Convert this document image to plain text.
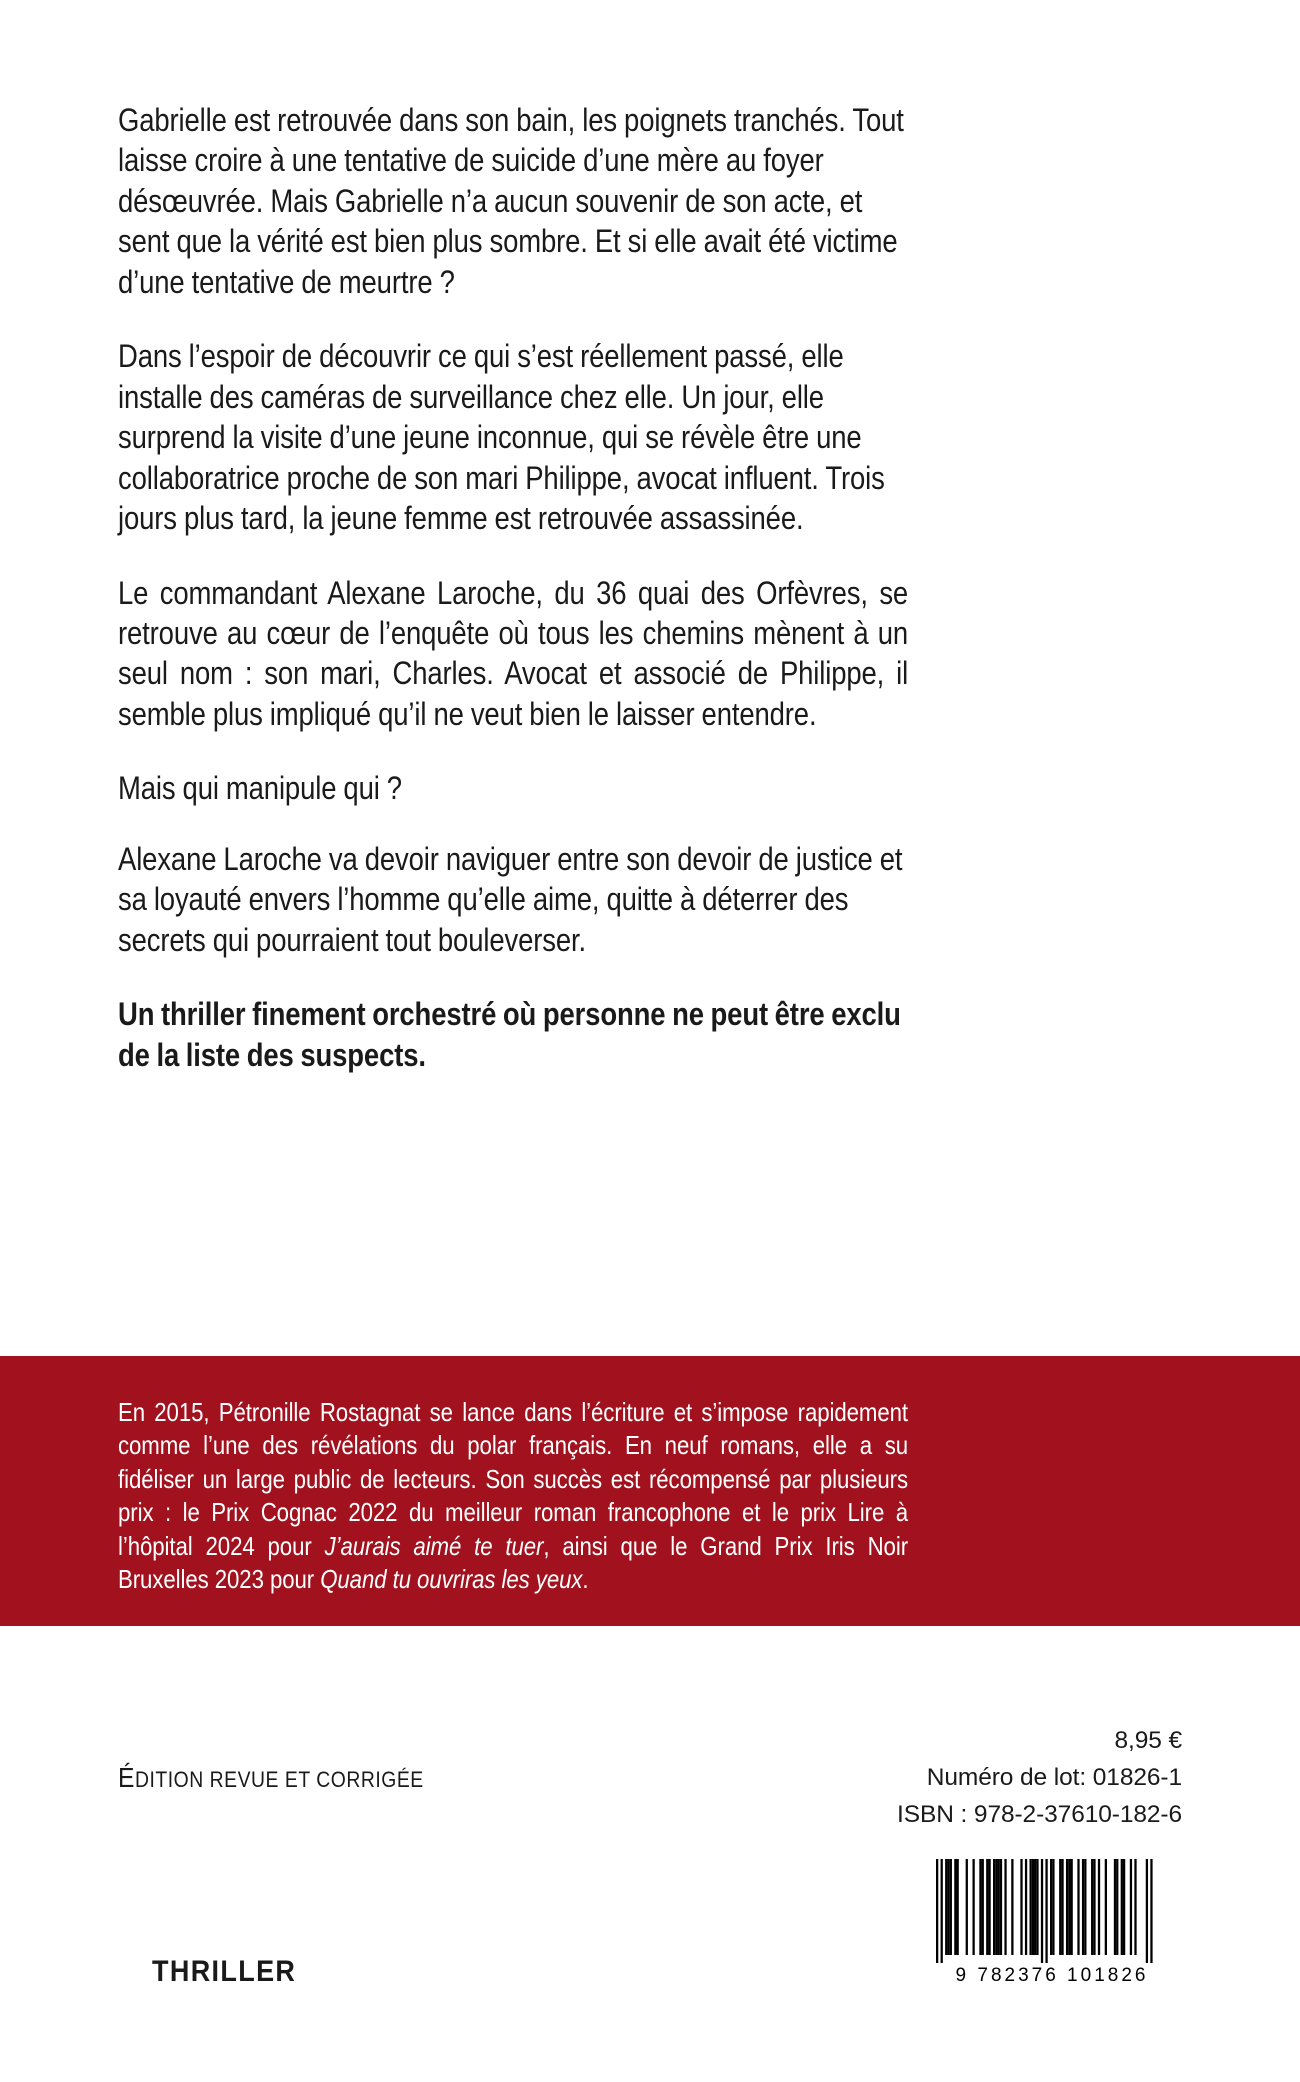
Gabrielle est retrouvée dans son bain, les poignets tranchés. Tout laisse croire à une tentative de suicide d’une mère au foyer désœuvrée. Mais Gabrielle n’a aucun souvenir de son acte, et sent que la vérité est bien plus sombre. Et si elle avait été victime d’une tentative de meurtre ?

Dans l’espoir de découvrir ce qui s’est réellement passé, elle installe des caméras de surveillance chez elle. Un jour, elle surprend la visite d’une jeune inconnue, qui se révèle être une collaboratrice proche de son mari Philippe, avocat influent. Trois jours plus tard, la jeune femme est retrouvée assassinée.

Le commandant Alexane Laroche, du 36 quai des Orfèvres, se retrouve au cœur de l’enquête où tous les chemins mènent à un seul nom : son mari, Charles. Avocat et associé de Philippe, il semble plus impliqué qu’il ne veut bien le laisser entendre.

Mais qui manipule qui ?

Alexane Laroche va devoir naviguer entre son devoir de justice et sa loyauté envers l’homme qu’elle aime, quitte à déterrer des secrets qui pourraient tout bouleverser.

Un thriller finement orchestré où personne ne peut être exclu de la liste des suspects.

En 2015, Pétronille Rostagnat se lance dans l’écriture et s’impose rapidement comme l’une des révélations du polar français. En neuf romans, elle a su fidéliser un large public de lecteurs. Son succès est récompensé par plusieurs prix : le Prix Cognac 2022 du meilleur roman francophone et le prix Lire à l’hôpital 2024 pour J’aurais aimé te tuer, ainsi que le Grand Prix Iris Noir Bruxelles 2023 pour Quand tu ouvriras les yeux.
ÉDITION REVUE ET CORRIGÉE
8,95 €
Numéro de lot: 01826-1
ISBN : 978-2-37610-182-6
9 782376 101826
THRILLER
